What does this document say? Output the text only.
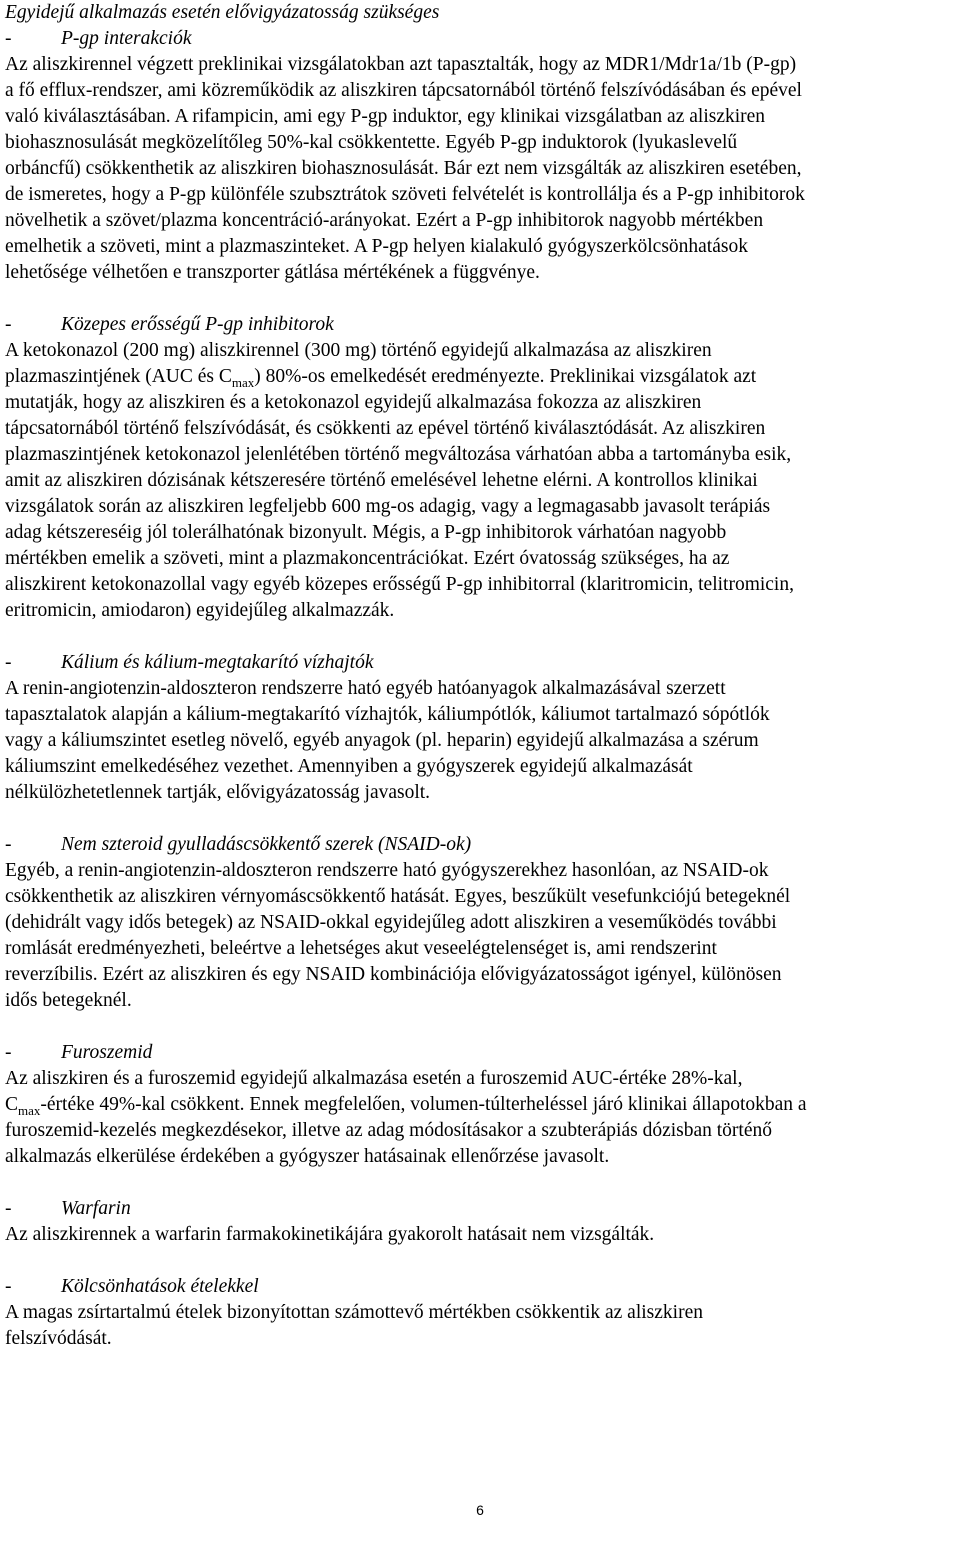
Egyidejű alkalmazás esetén elővigyázatosság szükséges

-	P-gp interakciók

Az aliszkirennel végzett preklinikai vizsgálatokban azt tapasztalták, hogy az MDR1/Mdr1a/1b (P-gp)
a fő efflux-rendszer, ami közreműködik az aliszkiren tápcsatornából történő felszívódásában és epével
való kiválasztásában. A rifampicin, ami egy P-gp induktor, egy klinikai vizsgálatban az aliszkiren
biohasznosulását megközelítőleg 50%-kal csökkentette. Egyéb P-gp induktorok (lyukaslevelű
orbáncfű) csökkenthetik az aliszkiren biohasznosulását. Bár ezt nem vizsgálták az aliszkiren esetében,
de ismeretes, hogy a P-gp különféle szubsztrátok szöveti felvételét is kontrollálja és a P-gp inhibitorok
növelhetik a szövet/plazma koncentráció-arányokat. Ezért a P-gp inhibitorok nagyobb mértékben
emelhetik a szöveti, mint a plazmaszinteket. A P-gp helyen kialakuló gyógyszerkölcsönhatások
lehetősége vélhetően e transzporter gátlása mértékének a függvénye.

-	Közepes erősségű P-gp inhibitorok

A ketokonazol (200 mg) aliszkirennel (300 mg) történő egyidejű alkalmazása az aliszkiren
plazmaszintjének (AUC és $C_{max}$) 80%-os emelkedését eredményezte. Preklinikai vizsgálatok azt
mutatják, hogy az aliszkiren és a ketokonazol egyidejű alkalmazása fokozza az aliszkiren
tápcsatornából történő felszívódását, és csökkenti az epével történő kiválasztódását. Az aliszkiren
plazmaszintjének ketokonazol jelenlétében történő megváltozása várhatóan abba a tartományba esik,
amit az aliszkiren dózisának kétszeresére történő emelésével lehetne elérni. A kontrollos klinikai
vizsgálatok során az aliszkiren legfeljebb 600 mg-os adagig, vagy a legmagasabb javasolt terápiás
adag kétszereséig jól tolerálhatónak bizonyult. Mégis, a P-gp inhibitorok várhatóan nagyobb
mértékben emelik a szöveti, mint a plazmakoncentrációkat. Ezért óvatosság szükséges, ha az
aliszkirent ketokonazollal vagy egyéb közepes erősségű P-gp inhibitorral (klaritromicin, telitromicin,
eritromicin, amiodaron) egyidejűleg alkalmazzák.

-	Kálium és kálium-megtakarító vízhajtók

A renin-angiotenzin-aldoszteron rendszerre ható egyéb hatóanyagok alkalmazásával szerzett
tapasztalatok alapján a kálium-megtakarító vízhajtók, káliumpótlók, káliumot tartalmazó sópótlók
vagy a káliumszintet esetleg növelő, egyéb anyagok (pl. heparin) egyidejű alkalmazása a szérum
káliumszint emelkedéséhez vezethet. Amennyiben a gyógyszerek egyidejű alkalmazását
nélkülözhetetlennek tartják, elővigyázatosság javasolt.

-	Nem szteroid gyulladáscsökkentő szerek (NSAID-ok)

Egyéb, a renin-angiotenzin-aldoszteron rendszerre ható gyógyszerekhez hasonlóan, az NSAID-ok
csökkenthetik az aliszkiren vérnyomáscsökkentő hatását. Egyes, beszűkült vesefunkciójú betegeknél
(dehidrált vagy idős betegek) az NSAID-okkal egyidejűleg adott aliszkiren a veseműködés további
romlását eredményezheti, beleértve a lehetséges akut veseelégtelenséget is, ami rendszerint
reverzíbilis. Ezért az aliszkiren és egy NSAID kombinációja elővigyázatosságot igényel, különösen
idős betegeknél.

-	Furoszemid

Az aliszkiren és a furoszemid egyidejű alkalmazása esetén a furoszemid AUC-értéke 28%-kal,
$C_{max}$-értéke 49%-kal csökkent. Ennek megfelelően, volumen-túlterheléssel járó klinikai állapotokban a
furoszemid-kezelés megkezdésekor, illetve az adag módosításakor a szubterápiás dózisban történő
alkalmazás elkerülése érdekében a gyógyszer hatásainak ellenőrzése javasolt.

-	Warfarin

Az aliszkirennek a warfarin farmakokinetikájára gyakorolt hatásait nem vizsgálták.

-	Kölcsönhatások ételekkel

A magas zsírtartalmú ételek bizonyítottan számottevő mértékben csökkentik az aliszkiren
felszívódását.

6
